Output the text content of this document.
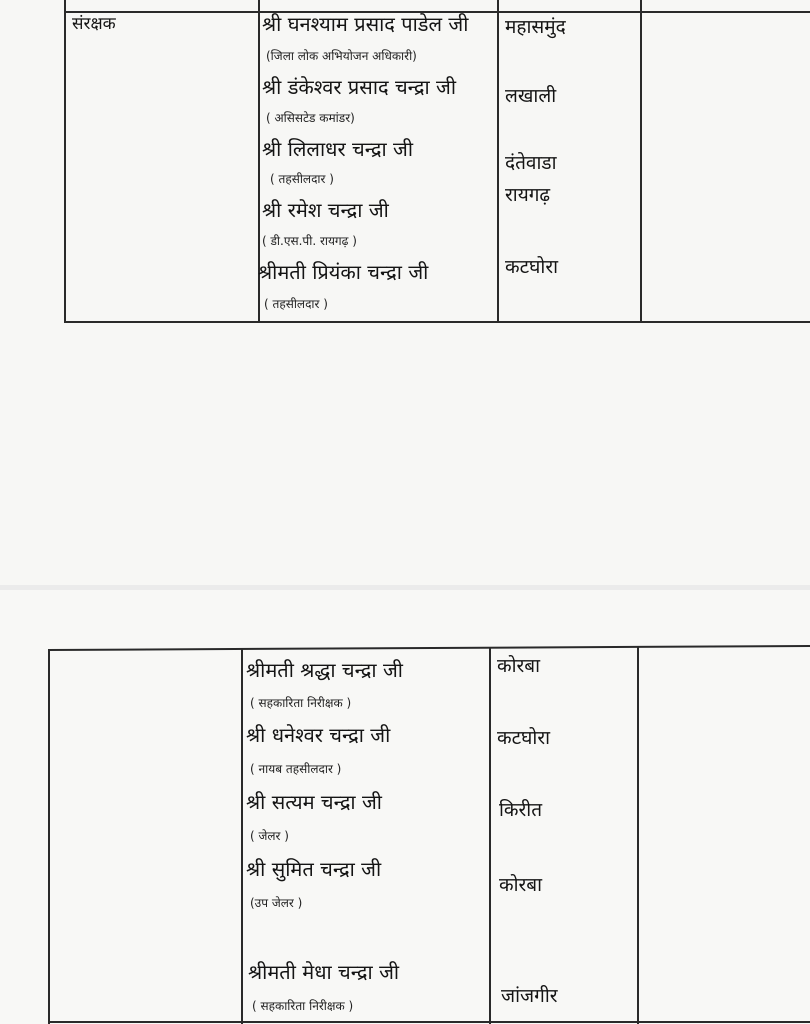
संरक्षक	श्री घनश्याम प्रसाद पाडेल जी
(जिला लोक अभियोजन अधिकारी)
महासमुंद
श्री डंकेश्वर प्रसाद चन्द्रा जी
( असिसटेड कमांडर)
लखाली
श्री लिलाधर चन्द्रा जी
( तहसीलदार )
दंतेवाडा
श्री रमेश चन्द्रा जी
( डी.एस.पी. रायगढ़ )
रायगढ़
श्रीमती प्रियंका चन्द्रा जी
( तहसीलदार )
कटघोरा
श्रीमती श्रद्धा चन्द्रा जी
( सहकारिता निरीक्षक )
कोरबा
श्री धनेश्वर चन्द्रा जी
( नायब तहसीलदार )
कटघोरा
श्री सत्यम चन्द्रा जी
( जेलर )
किरीत
श्री सुमित चन्द्रा जी
(उप जेलर )
कोरबा
श्रीमती मेधा चन्द्रा जी
( सहकारिता निरीक्षक )	जांजगीर
